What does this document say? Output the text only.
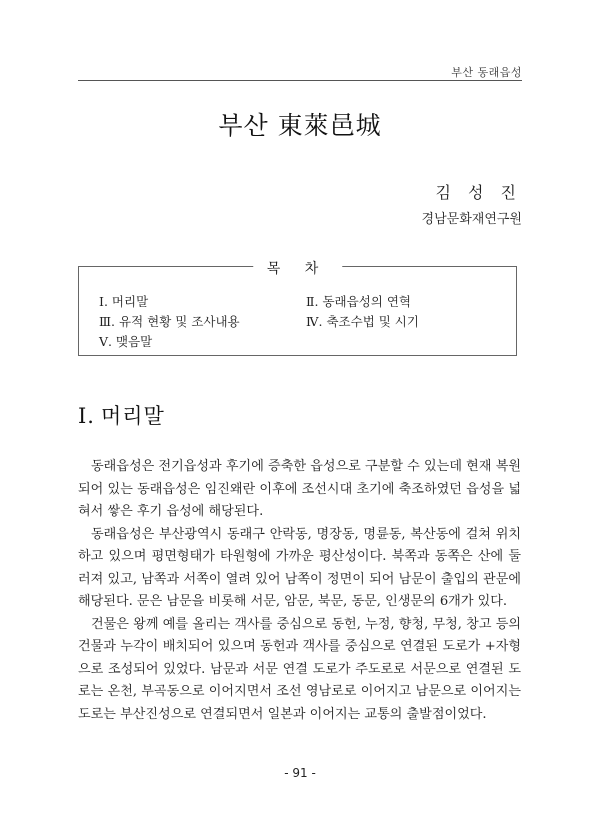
부산 동래읍성
부산 東萊邑城
김 성 진
경남문화재연구원
목 차
Ⅰ. 머리말	Ⅱ. 동래읍성의 연혁
Ⅲ. 유적 현황 및 조사내용	Ⅳ. 축조수법 및 시기
Ⅴ. 맺음말
Ⅰ. 머리말

동래읍성은 전기읍성과 후기에 증축한 읍성으로 구분할 수 있는데 현재 복원되어 있는 동래읍성은 임진왜란 이후에 조선시대 초기에 축조하였던 읍성을 넓혀서 쌓은 후기 읍성에 해당된다.

동래읍성은 부산광역시 동래구 안락동, 명장동, 명륜동, 복산동에 걸쳐 위치하고 있으며 평면형태가 타원형에 가까운 평산성이다. 북쪽과 동쪽은 산에 둘러져 있고, 남쪽과 서쪽이 열려 있어 남쪽이 정면이 되어 남문이 출입의 관문에 해당된다. 문은 남문을 비롯해 서문, 암문, 북문, 동문, 인생문의 6개가 있다.

건물은 왕께 예를 올리는 객사를 중심으로 동헌, 누정, 향청, 무청, 창고 등의 건물과 누각이 배치되어 있으며 동헌과 객사를 중심으로 연결된 도로가 +자형으로 조성되어 있었다. 남문과 서문 연결 도로가 주도로로 서문으로 연결된 도로는 온천, 부곡동으로 이어지면서 조선 영남로로 이어지고 남문으로 이어지는 도로는 부산진성으로 연결되면서 일본과 이어지는 교통의 출발점이었다.

- 91 -
